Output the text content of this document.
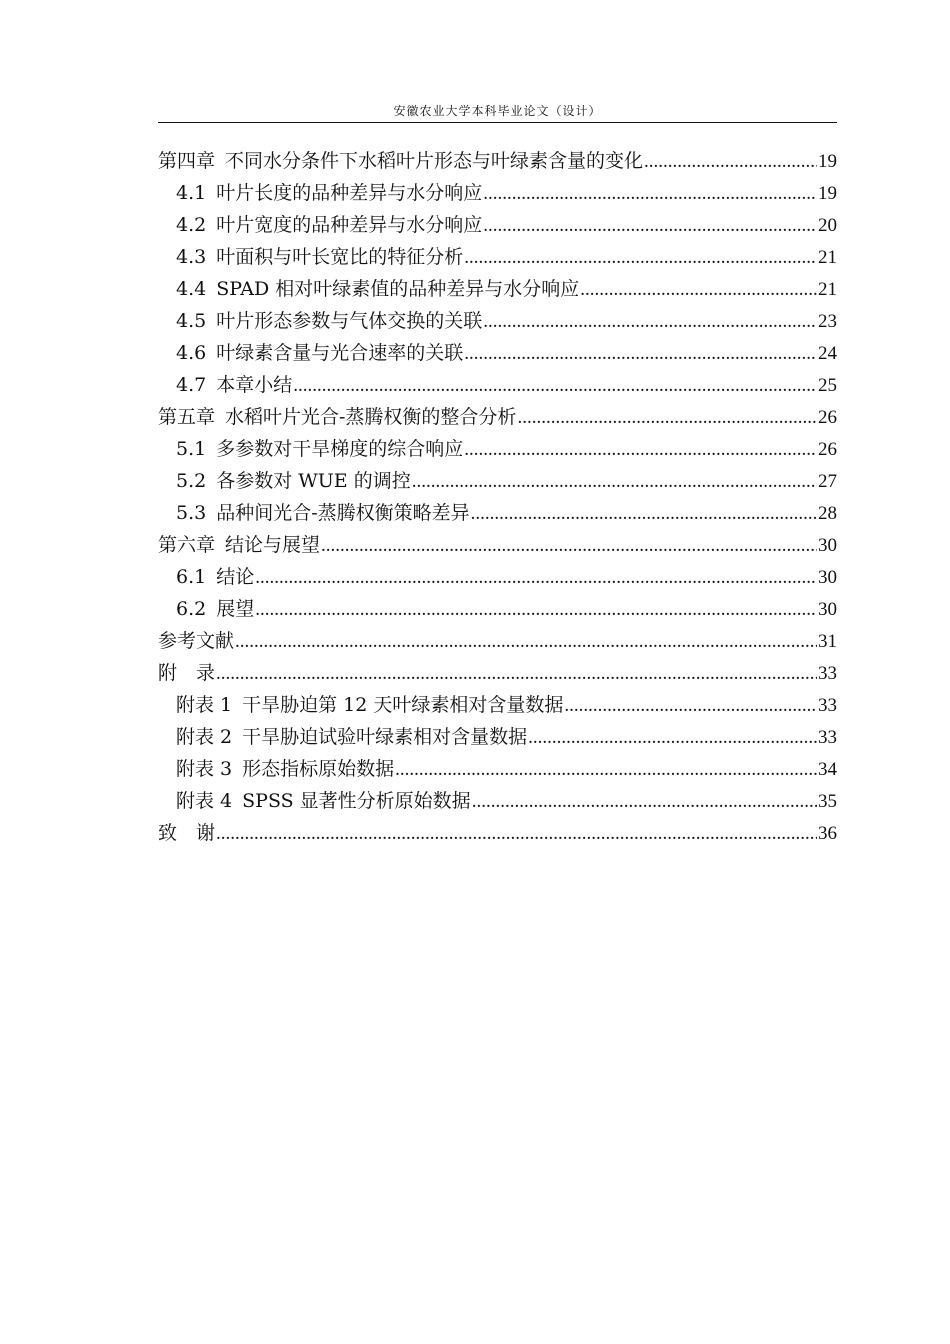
安徽农业大学本科毕业论文（设计）
第四章 不同水分条件下水稻叶片形态与叶绿素含量的变化 .....	19
4.1 叶片长度的品种差异与水分响应 .....	19
4.2 叶片宽度的品种差异与水分响应 .....	20
4.3 叶面积与叶长宽比的特征分析 .....	21
4.4 SPAD 相对叶绿素值的品种差异与水分响应 .....	21
4.5 叶片形态参数与气体交换的关联 .....	23
4.6 叶绿素含量与光合速率的关联 .....	24
4.7 本章小结 .....	25
第五章 水稻叶片光合-蒸腾权衡的整合分析 .....	26
5.1 多参数对干旱梯度的综合响应 .....	26
5.2 各参数对 WUE 的调控 .....	27
5.3 品种间光合-蒸腾权衡策略差异 .....	28
第六章 结论与展望 .....	30
6.1 结论 .....	30
6.2 展望 .....	30
参考文献 .....	31
附　录 .....	33
附表 1 干旱胁迫第 12 天叶绿素相对含量数据 .....	33
附表 2 干旱胁迫试验叶绿素相对含量数据 .....	33
附表 3 形态指标原始数据 .....	34
附表 4 SPSS 显著性分析原始数据 .....	35
致　谢 .....	36
